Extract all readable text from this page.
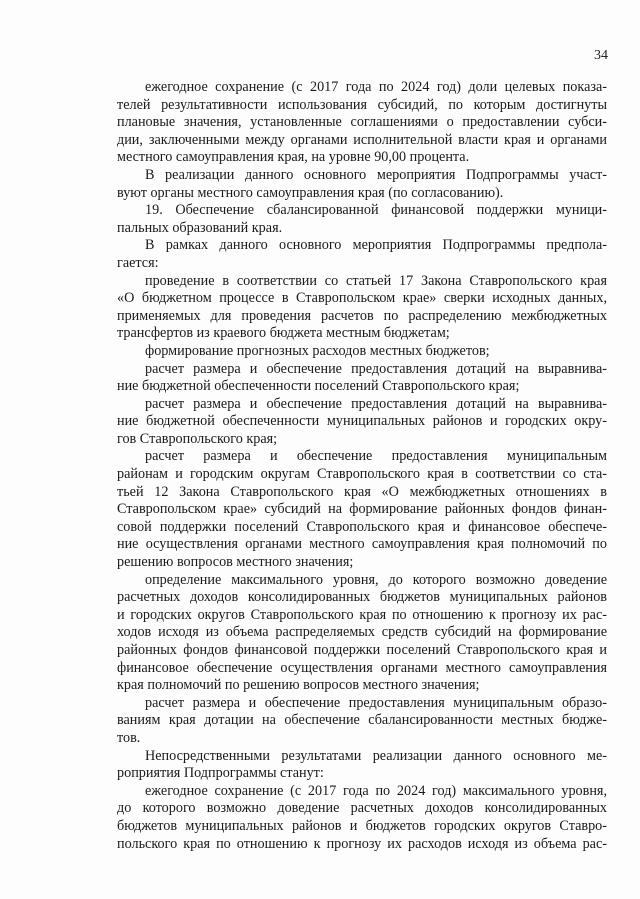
34
ежегодное сохранение (с 2017 года по 2024 год) доли целевых показа-
телей результативности использования субсидий, по которым достигнуты
плановые значения, установленные соглашениями о предоставлении субси-
дии, заключенными между органами исполнительной власти края и органами
местного самоуправления края, на уровне 90,00 процента.
В реализации данного основного мероприятия Подпрограммы участ-
вуют органы местного самоуправления края (по согласованию).
19. Обеспечение сбалансированной финансовой поддержки муници-
пальных образований края.
В рамках данного основного мероприятия Подпрограммы предпола-
гается:
проведение в соответствии со статьей 17 Закона Ставропольского края
«О бюджетном процессе в Ставропольском крае» сверки исходных данных,
применяемых для проведения расчетов по распределению межбюджетных
трансфертов из краевого бюджета местным бюджетам;
формирование прогнозных расходов местных бюджетов;
расчет размера и обеспечение предоставления дотаций на выравнива-
ние бюджетной обеспеченности поселений Ставропольского края;
расчет размера и обеспечение предоставления дотаций на выравнива-
ние бюджетной обеспеченности муниципальных районов и городских окру-
гов Ставропольского края;
расчет размера и обеспечение предоставления муниципальным
районам и городским округам Ставропольского края в соответствии со ста-
тьей 12 Закона Ставропольского края «О межбюджетных отношениях в
Ставропольском крае» субсидий на формирование районных фондов финан-
совой поддержки поселений Ставропольского края и финансовое обеспече-
ние осуществления органами местного самоуправления края полномочий по
решению вопросов местного значения;
определение максимального уровня, до которого возможно доведение
расчетных доходов консолидированных бюджетов муниципальных районов
и городских округов Ставропольского края по отношению к прогнозу их рас-
ходов исходя из объема распределяемых средств субсидий на формирование
районных фондов финансовой поддержки поселений Ставропольского края и
финансовое обеспечение осуществления органами местного самоуправления
края полномочий по решению вопросов местного значения;
расчет размера и обеспечение предоставления муниципальным образо-
ваниям края дотации на обеспечение сбалансированности местных бюдже-
тов.
Непосредственными результатами реализации данного основного ме-
роприятия Подпрограммы станут:
ежегодное сохранение (с 2017 года по 2024 год) максимального уровня,
до которого возможно доведение расчетных доходов консолидированных
бюджетов муниципальных районов и бюджетов городских округов Ставро-
польского края по отношению к прогнозу их расходов исходя из объема рас-
